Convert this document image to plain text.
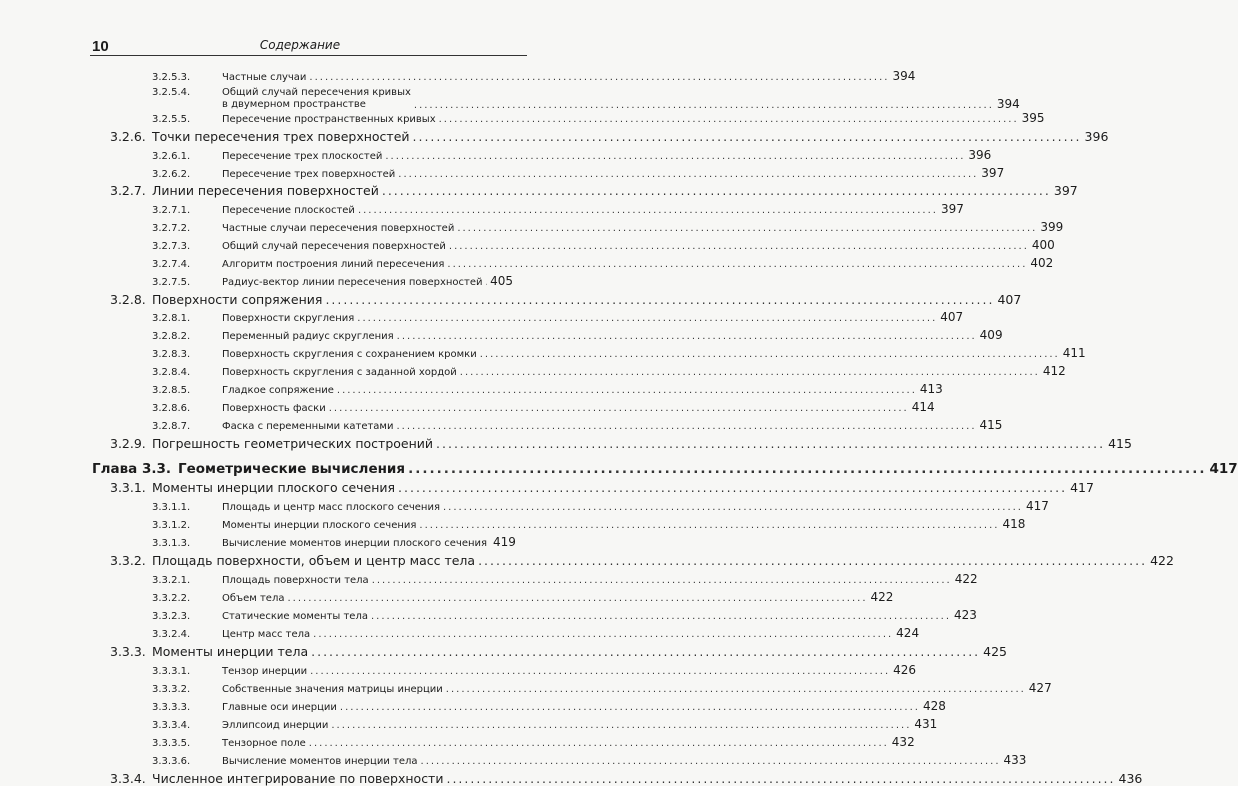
10	Содержание
3.2.5.3.	Частные случаи ................................................................................................................ 394
3.2.5.4.	Общий случай пересечения кривых
в двумерном пространстве	................................................................................................................ 394
3.2.5.5.	Пересечение пространственных кривых ................................................................................................................ 395
3.2.6. Точки пересечения трех поверхностей ................................................................................................................ 396
3.2.6.1.	Пересечение трех плоскостей ................................................................................................................ 396
3.2.6.2.	Пересечение трех поверхностей ................................................................................................................ 397
3.2.7. Линии пересечения поверхностей ................................................................................................................ 397
3.2.7.1.	Пересечение плоскостей ................................................................................................................ 397
3.2.7.2.	Частные случаи пересечения поверхностей ................................................................................................................ 399
3.2.7.3.	Общий случай пересечения поверхностей ................................................................................................................ 400
3.2.7.4.	Алгоритм построения линий пересечения ................................................................................................................ 402
3.2.7.5.	Радиус-вектор линии пересечения поверхностей 405
3.2.8. Поверхности сопряжения ................................................................................................................ 407
3.2.8.1.	Поверхности скругления ................................................................................................................ 407
3.2.8.2.	Переменный радиус скругления ................................................................................................................ 409
3.2.8.3.	Поверхность скругления с сохранением кромки ................................................................................................................ 411
3.2.8.4.	Поверхность скругления с заданной хордой ................................................................................................................ 412
3.2.8.5.	Гладкое сопряжение ................................................................................................................ 413
3.2.8.6.	Поверхность фаски ................................................................................................................ 414
3.2.8.7.	Фаска с переменными катетами ................................................................................................................ 415
3.2.9. Погрешность геометрических построений ................................................................................................................ 415
Глава 3.3. Геометрические вычисления ................................................................................................................ 417
3.3.1. Моменты инерции плоского сечения ................................................................................................................ 417
3.3.1.1.	Площадь и центр масс плоского сечения ................................................................................................................ 417
3.3.1.2.	Моменты инерции плоского сечения ................................................................................................................ 418
3.3.1.3.	Вычисление моментов инерции плоского сечения 419
3.3.2. Площадь поверхности, объем и центр масс тела ................................................................................................................ 422
3.3.2.1.	Площадь поверхности тела ................................................................................................................ 422
3.3.2.2.	Объем тела ................................................................................................................ 422
3.3.2.3.	Статические моменты тела ................................................................................................................ 423
3.3.2.4.	Центр масс тела ................................................................................................................ 424
3.3.3. Моменты инерции тела ................................................................................................................ 425
3.3.3.1.	Тензор инерции ................................................................................................................ 426
3.3.3.2.	Собственные значения матрицы инерции ................................................................................................................ 427
3.3.3.3.	Главные оси инерции ................................................................................................................ 428
3.3.3.4.	Эллипсоид инерции ................................................................................................................ 431
3.3.3.5.	Тензорное поле ................................................................................................................ 432
3.3.3.6.	Вычисление моментов инерции тела ................................................................................................................ 433
3.3.4. Численное интегрирование по поверхности ................................................................................................................ 436
